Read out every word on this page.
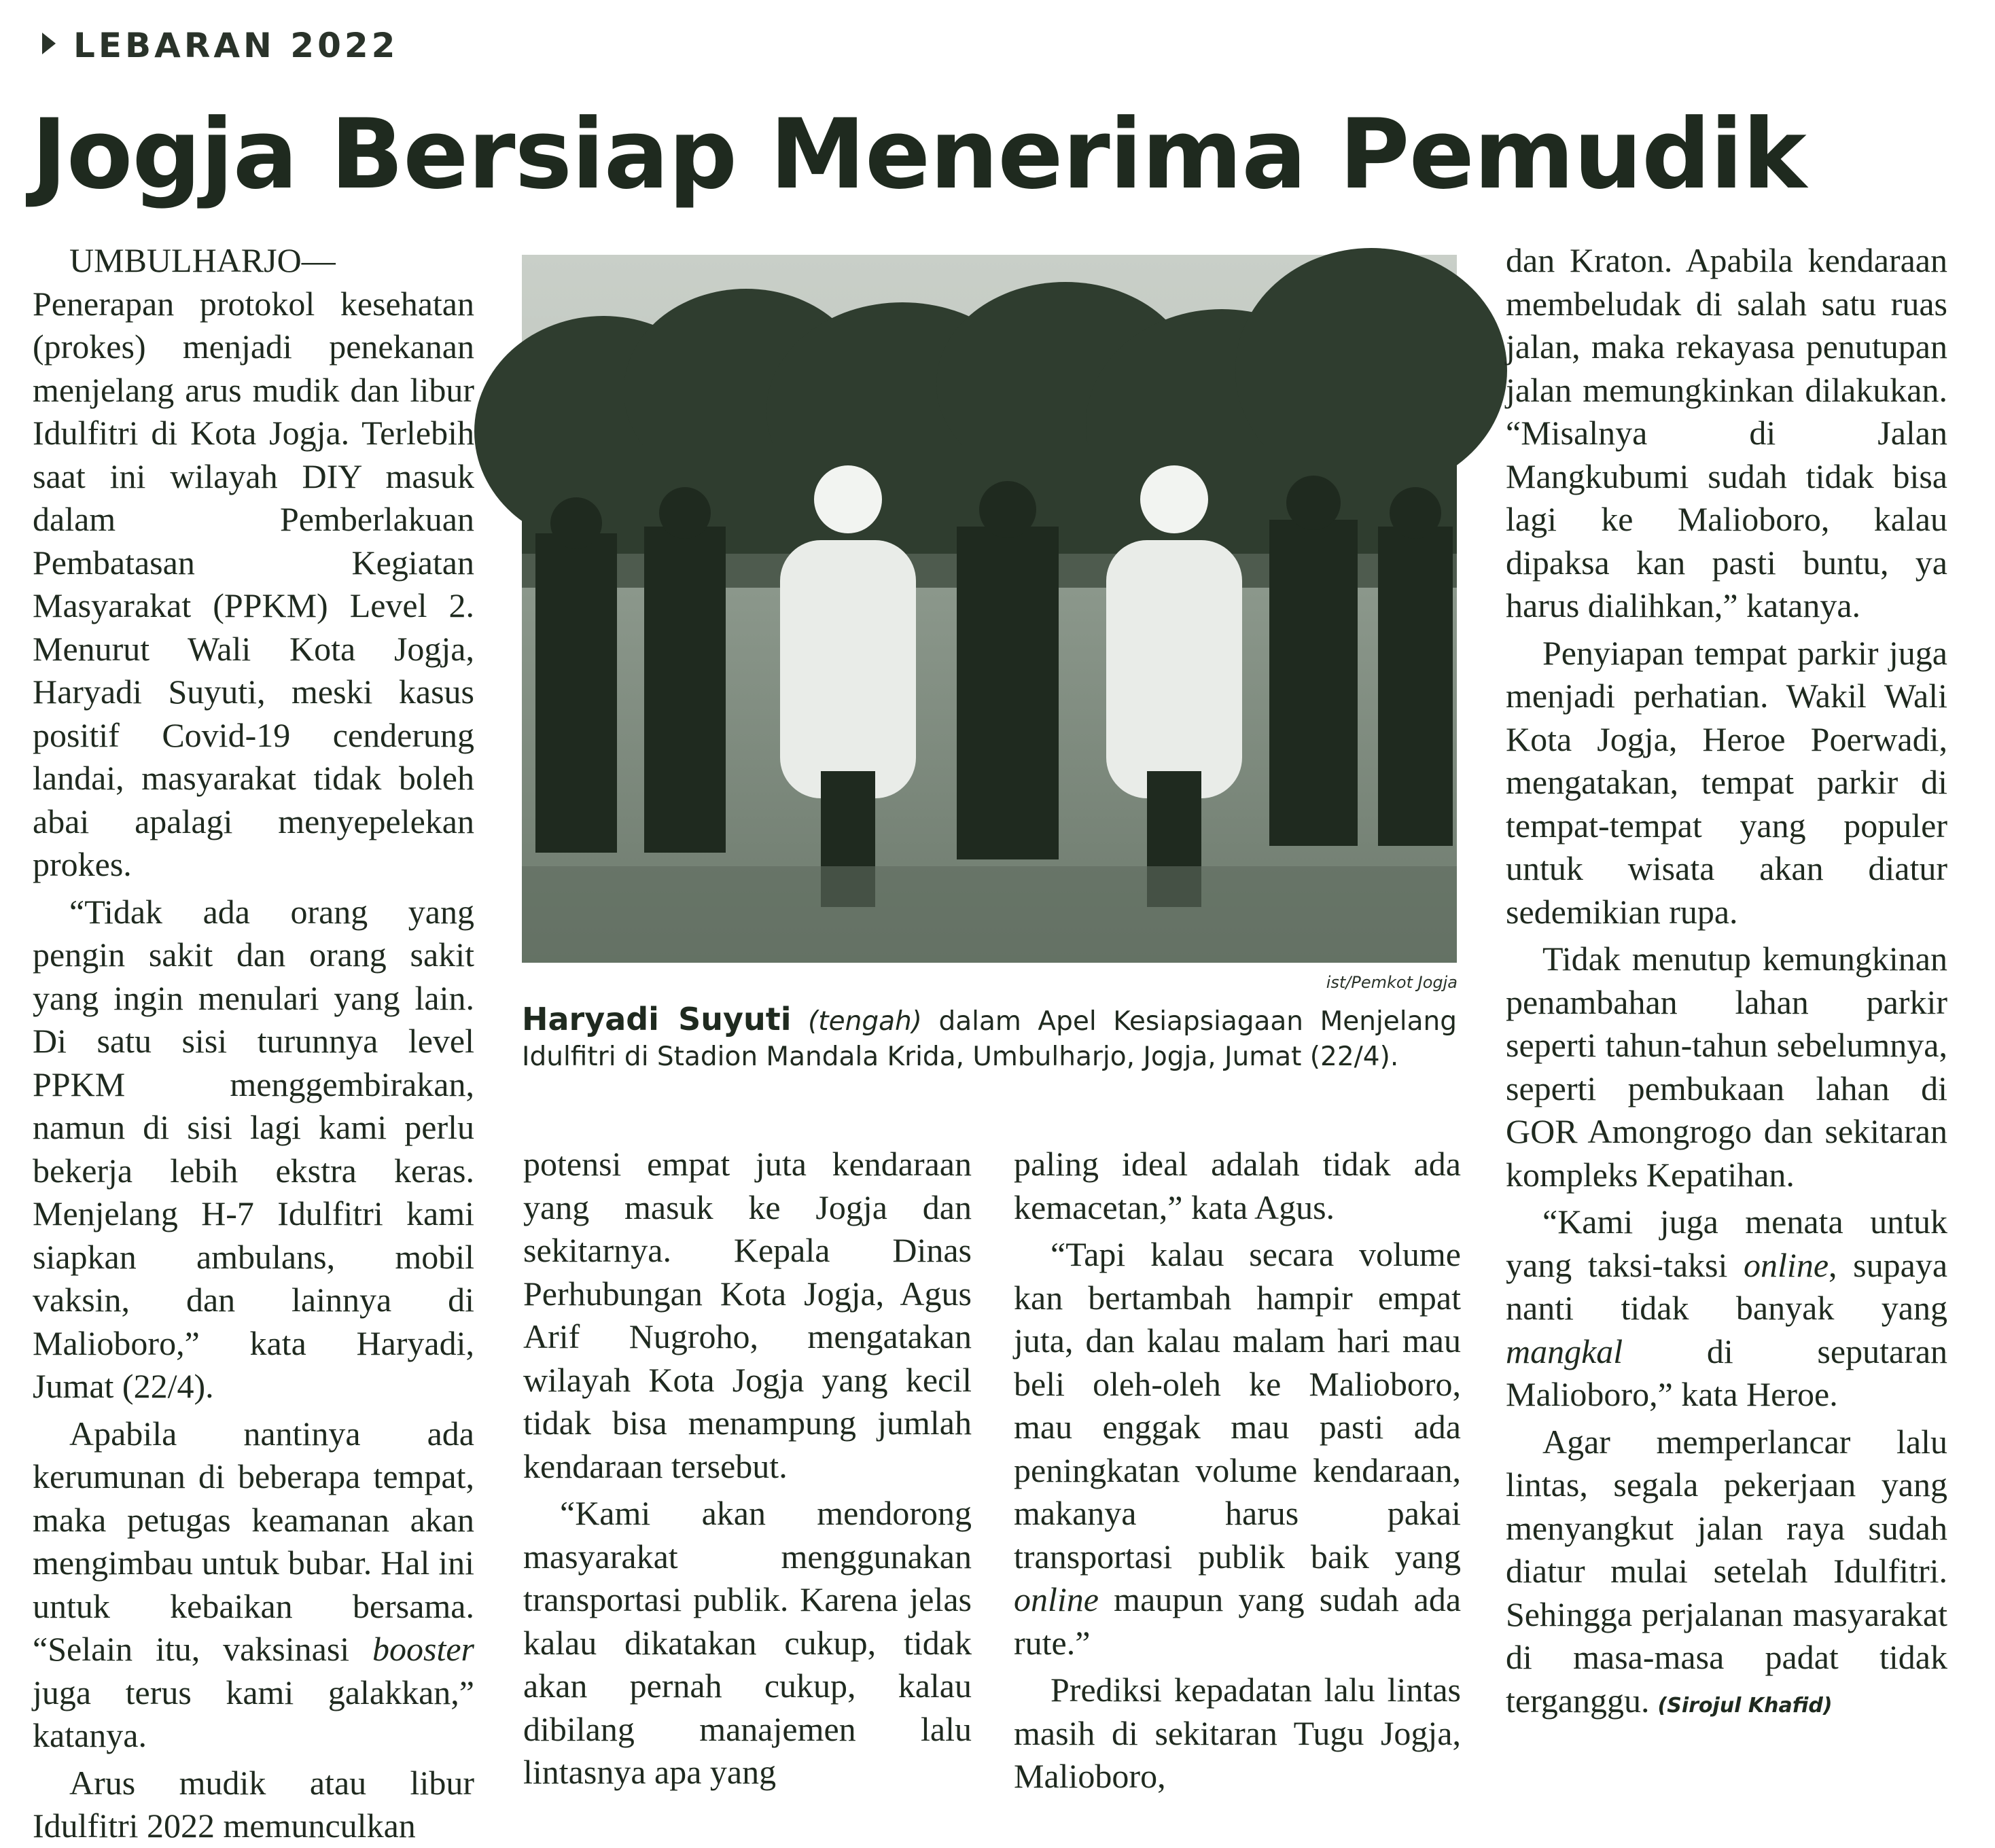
LEBARAN 2022
Jogja Bersiap Menerima Pemudik

UMBULHARJO—Penerapan protokol kesehatan (prokes) menjadi penekanan menjelang arus mudik dan libur Idulfitri di Kota Jogja. Terlebih saat ini wilayah DIY masuk dalam Pemberlakuan Pembatasan Kegiatan Masyarakat (PPKM) Level 2. Menurut Wali Kota Jogja, Haryadi Suyuti, meski kasus positif Covid-19 cenderung landai, masyarakat tidak boleh abai apalagi menyepelekan prokes.

“Tidak ada orang yang pengin sakit dan orang sakit yang ingin menulari yang lain. Di satu sisi turunnya level PPKM menggembirakan, namun di sisi lagi kami perlu bekerja lebih ekstra keras. Menjelang H-7 Idulfitri kami siapkan ambulans, mobil vaksin, dan lainnya di Malioboro,” kata Haryadi, Jumat (22/4).

Apabila nantinya ada kerumunan di beberapa tempat, maka petugas keamanan akan mengimbau untuk bubar. Hal ini untuk kebaikan bersama. “Selain itu, vaksinasi booster juga terus kami galakkan,” katanya.

Arus mudik atau libur Idulfitri 2022 memunculkan

ist/Pemkot Jogja
Haryadi Suyuti (tengah) dalam Apel Kesiapsiagaan Menjelang Idulfitri di Stadion Mandala Krida, Umbulharjo, Jogja, Jumat (22/4).

potensi empat juta kendaraan yang masuk ke Jogja dan sekitarnya. Kepala Dinas Perhubungan Kota Jogja, Agus Arif Nugroho, mengatakan wilayah Kota Jogja yang kecil tidak bisa menampung jumlah kendaraan tersebut.

“Kami akan mendorong masyarakat menggunakan transportasi publik. Karena jelas kalau dikatakan cukup, tidak akan pernah cukup, kalau dibilang manajemen lalu lintasnya apa yang

paling ideal adalah tidak ada kemacetan,” kata Agus.

“Tapi kalau secara volume kan bertambah hampir empat juta, dan kalau malam hari mau beli oleh-oleh ke Malioboro, mau enggak mau pasti ada peningkatan volume kendaraan, makanya harus pakai transportasi publik baik yang online maupun yang sudah ada rute.”

Prediksi kepadatan lalu lintas masih di sekitaran Tugu Jogja, Malioboro,

dan Kraton. Apabila kendaraan membeludak di salah satu ruas jalan, maka rekayasa penutupan jalan memungkinkan dilakukan. “Misalnya di Jalan Mangkubumi sudah tidak bisa lagi ke Malioboro, kalau dipaksa kan pasti buntu, ya harus dialihkan,” katanya.

Penyiapan tempat parkir juga menjadi perhatian. Wakil Wali Kota Jogja, Heroe Poerwadi, mengatakan, tempat parkir di tempat-tempat yang populer untuk wisata akan diatur sedemikian rupa.

Tidak menutup kemungkinan penambahan lahan parkir seperti tahun-tahun sebelumnya, seperti pembukaan lahan di GOR Amongrogo dan sekitaran kompleks Kepatihan.

“Kami juga menata untuk yang taksi-taksi online, supaya nanti tidak banyak yang mangkal di seputaran Malioboro,” kata Heroe.

Agar memperlancar lalu lintas, segala pekerjaan yang menyangkut jalan raya sudah diatur mulai setelah Idulfitri. Sehingga perjalanan masyarakat di masa-masa padat tidak terganggu. (Sirojul Khafid)
